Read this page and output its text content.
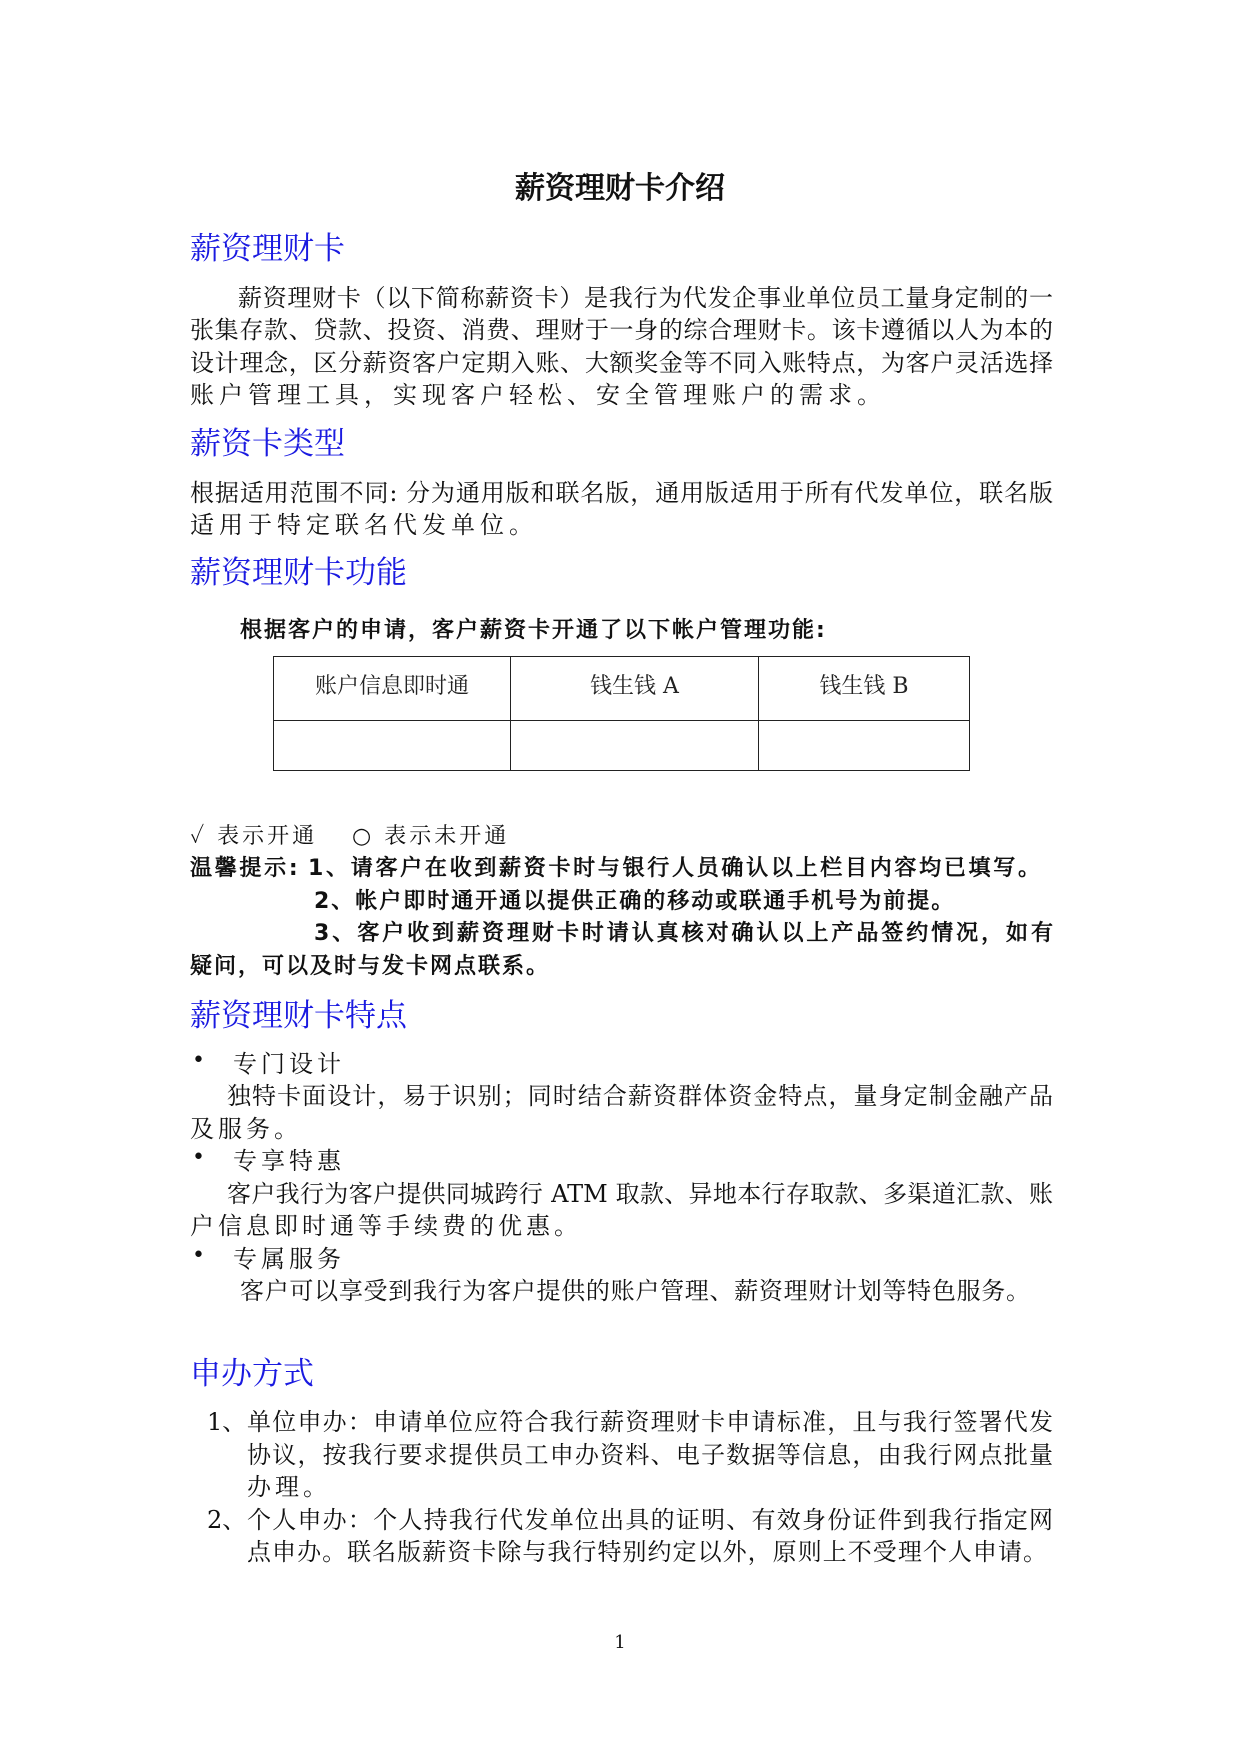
薪资理财卡介绍
薪资理财卡
薪资理财卡（以下简称薪资卡）是我行为代发企事业单位员工量身定制的一
张集存款、贷款、投资、消费、理财于一身的综合理财卡。该卡遵循以人为本的
设计理念，区分薪资客户定期入账、大额奖金等不同入账特点，为客户灵活选择
账户管理工具，实现客户轻松、安全管理账户的需求。
薪资卡类型
根据适用范围不同: 分为通用版和联名版，通用版适用于所有代发单位，联名版
适用于特定联名代发单位。
薪资理财卡功能
根据客户的申请，客户薪资卡开通了以下帐户管理功能:
账户信息即时通	钱生钱 A	钱生钱 B

✓ 表示开通 ○ 表示未开通
温馨提示: 1、请客户在收到薪资卡时与银行人员确认以上栏目内容均已填写。
2、帐户即时通开通以提供正确的移动或联通手机号为前提。
3、客户收到薪资理财卡时请认真核对确认以上产品签约情况，如有
疑问，可以及时与发卡网点联系。
薪资理财卡特点
• 专门设计
独特卡面设计，易于识别；同时结合薪资群体资金特点，量身定制金融产品
及服务。
• 专享特惠
客户我行为客户提供同城跨行 ATM 取款、异地本行存取款、多渠道汇款、账
户信息即时通等手续费的优惠。
• 专属服务
客户可以享受到我行为客户提供的账户管理、薪资理财计划等特色服务。
申办方式
1、 单位申办：申请单位应符合我行薪资理财卡申请标准，且与我行签署代发
协议，按我行要求提供员工申办资料、电子数据等信息，由我行网点批量
办理。
2、 个人申办：个人持我行代发单位出具的证明、有效身份证件到我行指定网
点申办。联名版薪资卡除与我行特别约定以外，原则上不受理个人申请。
1
